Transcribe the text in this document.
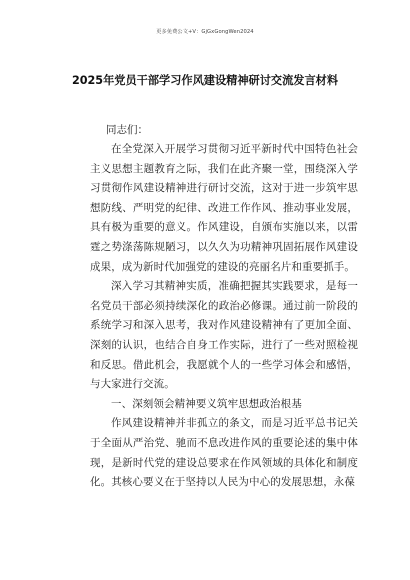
更多免费公文+V：GjGxGongWen2024
2025年党员干部学习作风建设精神研讨交流发言材料
同志们：

在全党深入开展学习贯彻习近平新时代中国特色社会主义思想主题教育之际，我们在此齐聚一堂，围绕深入学习贯彻作风建设精神进行研讨交流，这对于进一步筑牢思想防线、严明党的纪律、改进工作作风、推动事业发展，具有极为重要的意义。作风建设，自颁布实施以来，以雷霆之势涤荡陈规陋习，以久久为功精神巩固拓展作风建设成果，成为新时代加强党的建设的亮丽名片和重要抓手。

深入学习其精神实质，准确把握其实践要求，是每一名党员干部必须持续深化的政治必修课。通过前一阶段的系统学习和深入思考，我对作风建设精神有了更加全面、深刻的认识，也结合自身工作实际，进行了一些对照检视和反思。借此机会，我愿就个人的一些学习体会和感悟，与大家进行交流。

一、深刻领会精神要义筑牢思想政治根基

作风建设精神并非孤立的条文，而是习近平总书记关于全面从严治党、驰而不息改进作风的重要论述的集中体现，是新时代党的建设总要求在作风领域的具体化和制度化。其核心要义在于坚持以人民为中心的发展思想，永葆
